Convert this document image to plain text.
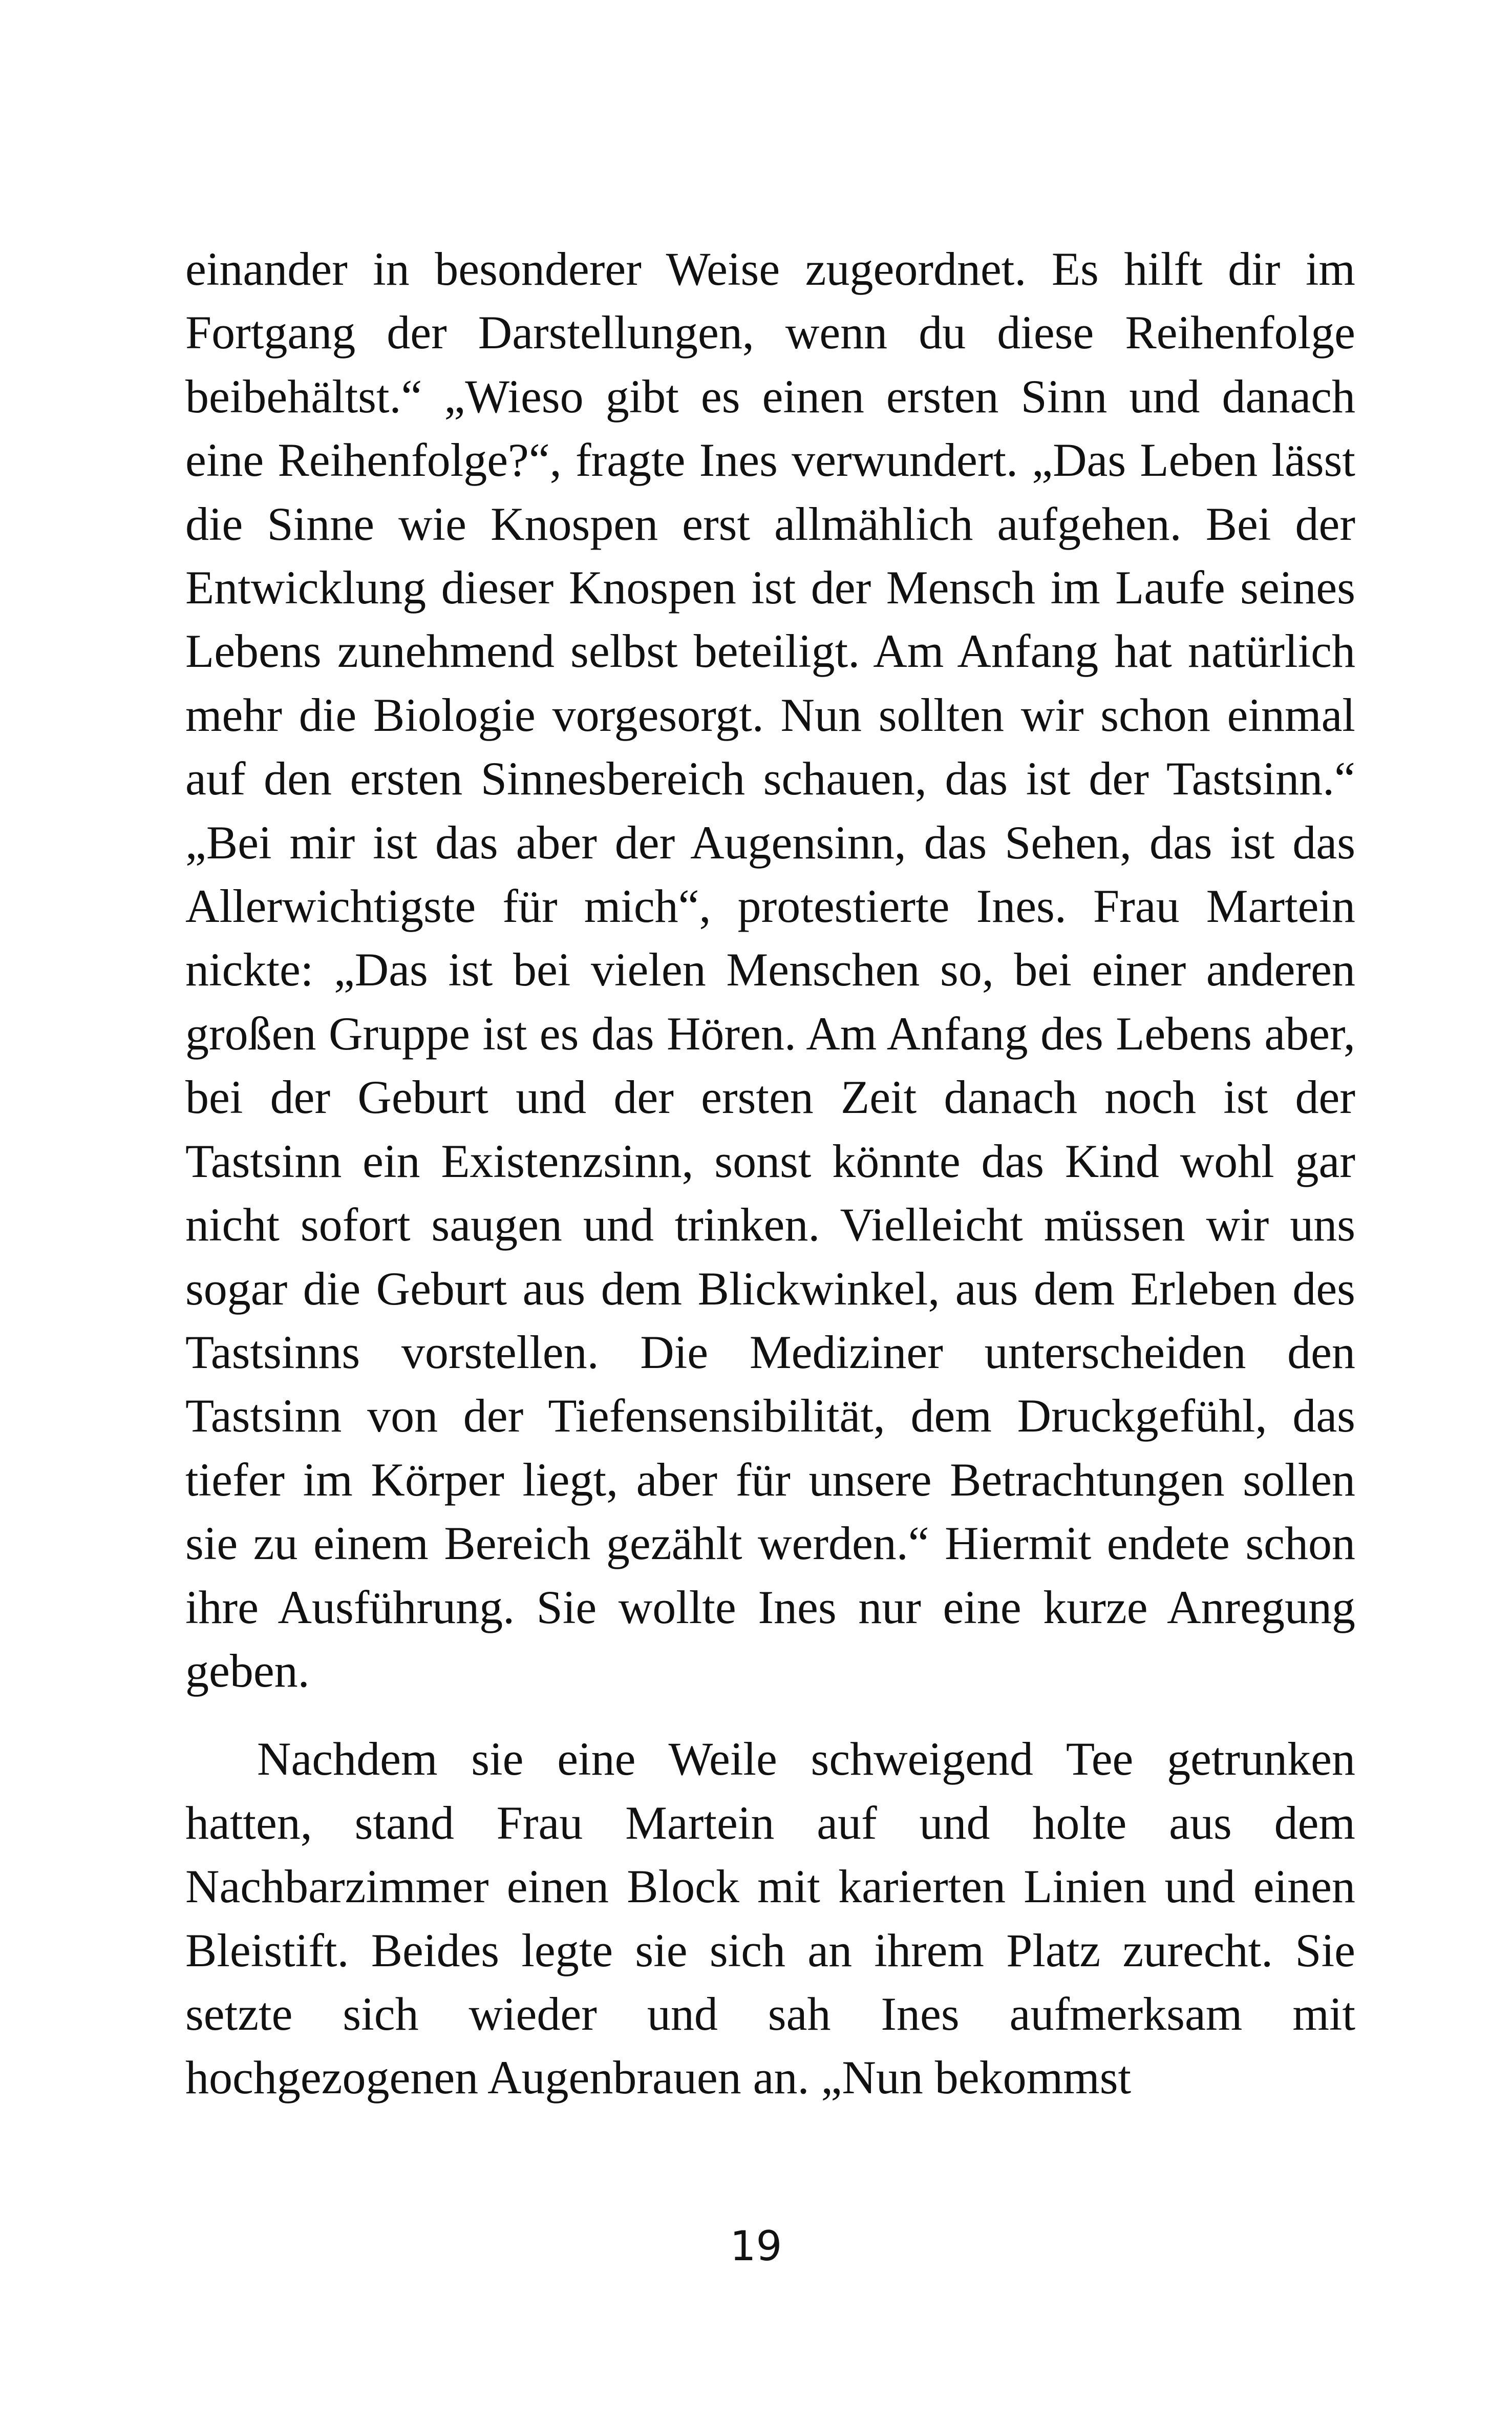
einander in besonderer Weise zugeordnet. Es hilft dir im Fortgang der Darstellungen, wenn du diese Reihenfolge beibehältst.“ „Wieso gibt es einen ersten Sinn und danach eine Reihenfolge?“, fragte Ines verwundert. „Das Leben lässt die Sinne wie Knospen erst allmählich aufgehen. Bei der Entwicklung dieser Knospen ist der Mensch im Laufe seines Lebens zunehmend selbst beteiligt. Am Anfang hat natürlich mehr die Biologie vorgesorgt. Nun sollten wir schon einmal auf den ersten Sinnesbereich schauen, das ist der Tastsinn.“ „Bei mir ist das aber der Augensinn, das Sehen, das ist das Allerwichtigste für mich“, protestierte Ines. Frau Martein nickte: „Das ist bei vielen Menschen so, bei einer anderen großen Gruppe ist es das Hören. Am Anfang des Lebens aber, bei der Geburt und der ersten Zeit danach noch ist der Tastsinn ein Existenzsinn, sonst könnte das Kind wohl gar nicht sofort saugen und trinken. Vielleicht müssen wir uns sogar die Geburt aus dem Blickwinkel, aus dem Erleben des Tastsinns vorstellen. Die Mediziner unterscheiden den Tastsinn von der Tiefensensibilität, dem Druckgefühl, das tiefer im Körper liegt, aber für unsere Betrachtungen sollen sie zu einem Bereich gezählt werden.“ Hiermit endete schon ihre Ausführung. Sie wollte Ines nur eine kurze Anregung geben.

Nachdem sie eine Weile schweigend Tee getrunken hatten, stand Frau Martein auf und holte aus dem Nachbarzimmer einen Block mit karierten Linien und einen Bleistift. Beides legte sie sich an ihrem Platz zurecht. Sie setzte sich wieder und sah Ines aufmerksam mit hochgezogenen Augenbrauen an. „Nun bekommst

19
